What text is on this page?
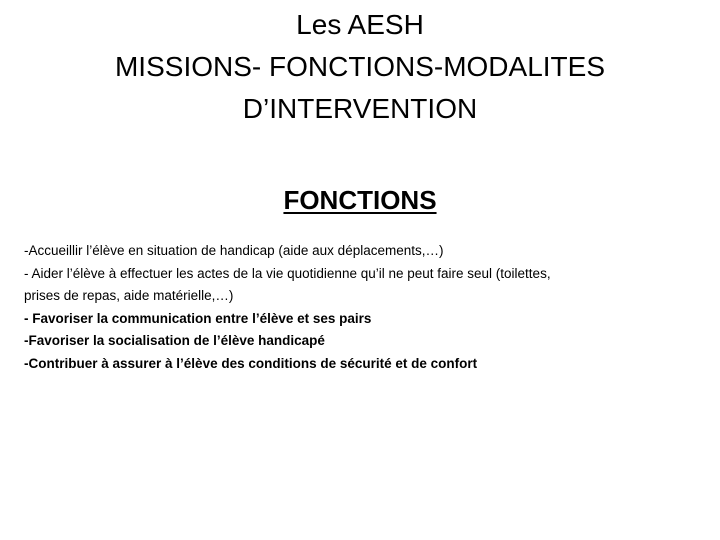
Les AESH
MISSIONS- FONCTIONS-MODALITES
D’INTERVENTION
FONCTIONS
-Accueillir l’élève en situation de handicap (aide aux déplacements,…)
- Aider l’élève à effectuer les actes de la vie quotidienne qu’il ne peut faire seul (toilettes,
prises de repas, aide matérielle,…)
- Favoriser la communication entre l’élève et ses pairs
-Favoriser la socialisation de l’élève handicapé
-Contribuer à assurer à l’élève des conditions de sécurité et de confort
